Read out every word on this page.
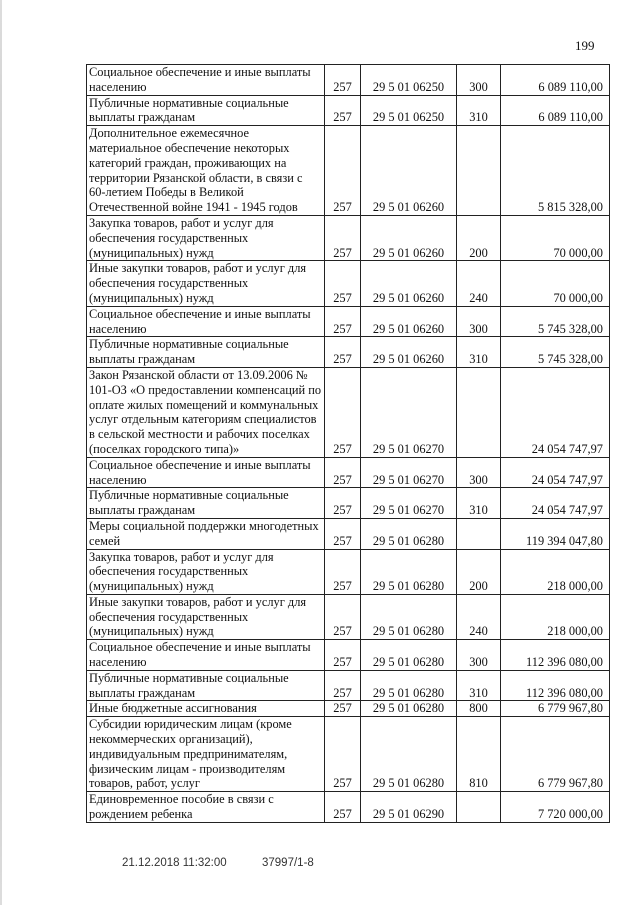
199
Социальное обеспечение и иные выплаты населению	257	29 5 01 06250	300	6 089 110,00
Публичные нормативные социальные выплаты гражданам	257	29 5 01 06250	310	6 089 110,00
Дополнительное ежемесячное материальное обеспечение некоторых категорий граждан, проживающих на территории Рязанской области, в связи с 60-летием Победы в Великой Отечественной войне 1941 - 1945 годов	257	29 5 01 06260		5 815 328,00
Закупка товаров, работ и услуг для обеспечения государственных (муниципальных) нужд	257	29 5 01 06260	200	70 000,00
Иные закупки товаров, работ и услуг для обеспечения государственных (муниципальных) нужд	257	29 5 01 06260	240	70 000,00
Социальное обеспечение и иные выплаты населению	257	29 5 01 06260	300	5 745 328,00
Публичные нормативные социальные выплаты гражданам	257	29 5 01 06260	310	5 745 328,00
Закон Рязанской области от 13.09.2006 № 101-ОЗ «О предоставлении компенсаций по оплате жилых помещений и коммунальных услуг отдельным категориям специалистов в сельской местности и рабочих поселках (поселках городского типа)»	257	29 5 01 06270		24 054 747,97
Социальное обеспечение и иные выплаты населению	257	29 5 01 06270	300	24 054 747,97
Публичные нормативные социальные выплаты гражданам	257	29 5 01 06270	310	24 054 747,97
Меры социальной поддержки многодетных семей	257	29 5 01 06280		119 394 047,80
Закупка товаров, работ и услуг для обеспечения государственных (муниципальных) нужд	257	29 5 01 06280	200	218 000,00
Иные закупки товаров, работ и услуг для обеспечения государственных (муниципальных) нужд	257	29 5 01 06280	240	218 000,00
Социальное обеспечение и иные выплаты населению	257	29 5 01 06280	300	112 396 080,00
Публичные нормативные социальные выплаты гражданам	257	29 5 01 06280	310	112 396 080,00
Иные бюджетные ассигнования	257	29 5 01 06280	800	6 779 967,80
Субсидии юридическим лицам (кроме некоммерческих организаций), индивидуальным предпринимателям, физическим лицам - производителям товаров, работ, услуг	257	29 5 01 06280	810	6 779 967,80
Единовременное пособие в связи с рождением ребенка	257	29 5 01 06290		7 720 000,00
21.12.2018 11:32:00	37997/1-8
